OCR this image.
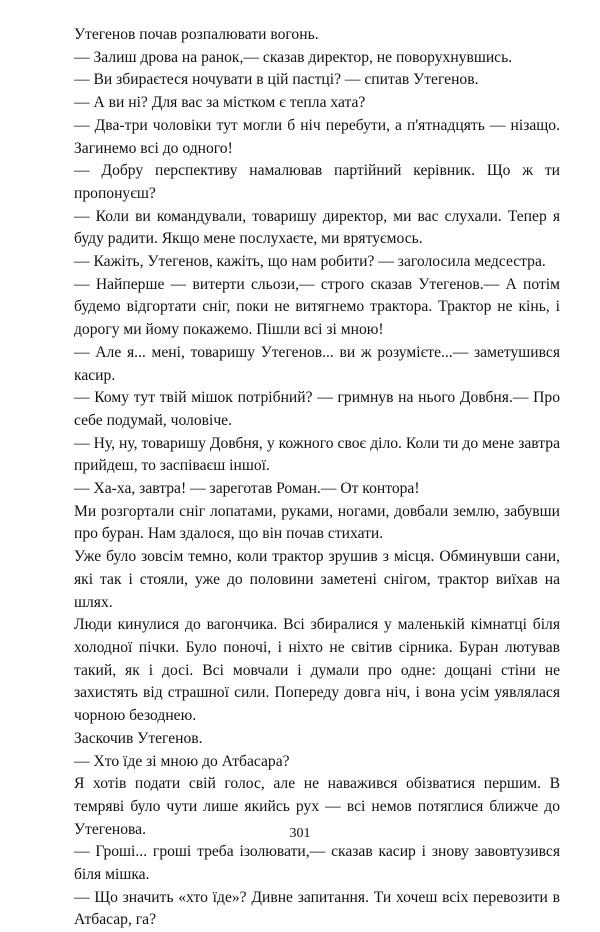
Утегенов почав розпалювати вогонь.

— Залиш дрова на ранок,— сказав директор, не поворухнувшись.

— Ви збираєтеся ночувати в цій пастці? — спитав Утегенов.

— А ви ні? Для вас за містком є тепла хата?

— Два-три чоловіки тут могли б ніч перебути, а п'ятнадцять — нізащо. Загинемо всі до одного!

— Добру перспективу намалював партійний керівник. Що ж ти пропонуєш?

— Коли ви командували, товаришу директор, ми вас слухали. Тепер я буду радити. Якщо мене послухаєте, ми врятуємось.

— Кажіть, Утегенов, кажіть, що нам робити? — заголосила медсестра.

— Найперше — витерти сльози,— строго сказав Утегенов.— А потім будемо відгортати сніг, поки не витягнемо трактора. Трактор не кінь, і дорогу ми йому покажемо. Пішли всі зі мною!

— Але я... мені, товаришу Утегенов... ви ж розумієте...— заметушився касир.

— Кому тут твій мішок потрібний? — гримнув на нього Довбня.— Про себе подумай, чоловіче.

— Ну, ну, товаришу Довбня, у кожного своє діло. Коли ти до мене завтра прийдеш, то заспіваєш іншої.

— Ха-ха, завтра! — зареготав Роман.— От контора!

Ми розгортали сніг лопатами, руками, ногами, довбали землю, забувши про буран. Нам здалося, що він почав стихати.

Уже було зовсім темно, коли трактор зрушив з місця. Обминувши сани, які так і стояли, уже до половини заметені снігом, трактор виїхав на шлях.

Люди кинулися до вагончика. Всі збиралися у маленькій кімнатці біля холодної пічки. Було поночі, і ніхто не світив сірника. Буран лютував такий, як і досі. Всі мовчали і думали про одне: дощані стіни не захистять від страшної сили. Попереду довга ніч, і вона усім уявлялася чорною безоднею.

Заскочив Утегенов.

— Хто їде зі мною до Атбасара?

Я хотів подати свій голос, але не наважився обізватися першим. В темряві було чути лише якийсь рух — всі немов потяглися ближче до Утегенова.

— Гроші... гроші треба ізолювати,— сказав касир і знову завовтузився біля мішка.

— Що значить «хто їде»? Дивне запитання. Ти хочеш всіх перевозити в Атбасар, га?

301
